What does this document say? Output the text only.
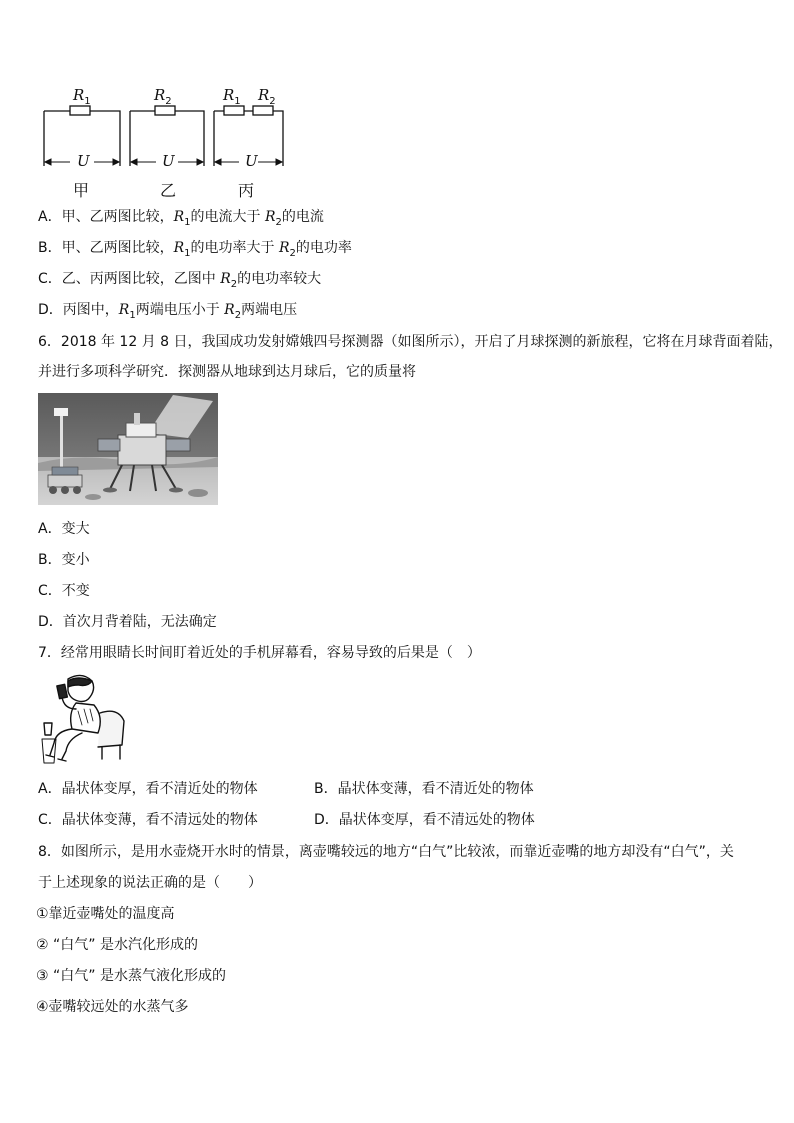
$R_1$	$R_2$	$R_1$ $R_2$
U	U	U
甲	乙	丙
A．甲、乙两图比较，$R_1$的电流大于 $R_2$的电流
B．甲、乙两图比较，$R_1$的电功率大于 $R_2$的电功率
C．乙、丙两图比较，乙图中 $R_2$的电功率较大
D．丙图中，$R_1$两端电压小于 $R_2$两端电压
6．2018 年 12 月 8 日，我国成功发射嫦娥四号探测器（如图所示），开启了月球探测的新旅程，它将在月球背面着陆，
并进行多项科学研究．探测器从地球到达月球后，它的质量将
A．变大
B．变小
C．不变
D．首次月背着陆，无法确定
7．经常用眼睛长时间盯着近处的手机屏幕看，容易导致的后果是（　）
A．晶状体变厚，看不清近处的物体	B．晶状体变薄，看不清近处的物体
C．晶状体变薄，看不清远处的物体	D．晶状体变厚，看不清远处的物体
8．如图所示，是用水壶烧开水时的情景，离壶嘴较远的地方“白气”比较浓，而靠近壶嘴的地方却没有“白气”，关
于上述现象的说法正确的是（　　）
①靠近壶嘴处的温度高
② “白气” 是水汽化形成的
③ “白气” 是水蒸气液化形成的
④壶嘴较远处的水蒸气多
